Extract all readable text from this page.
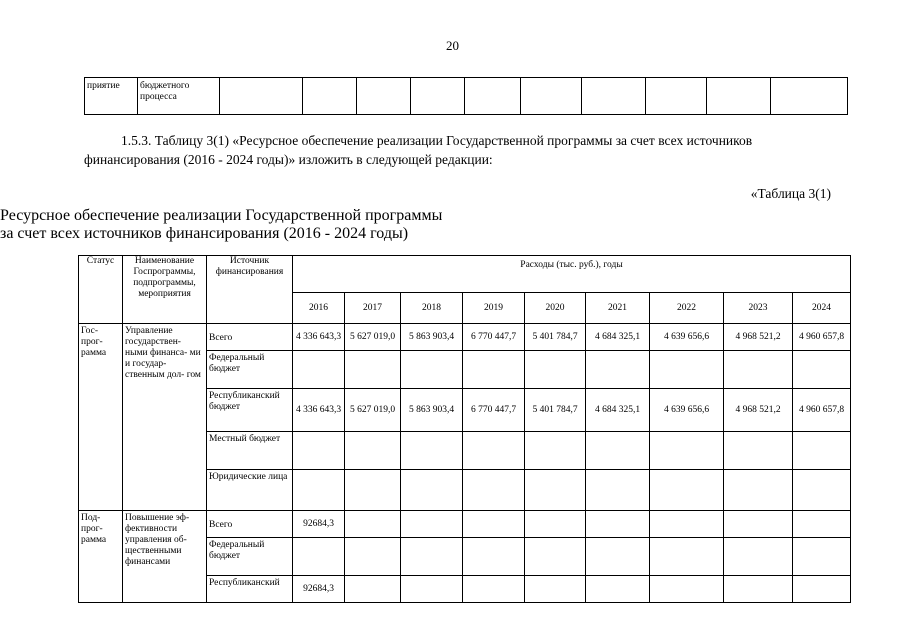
20
приятие	бюджетного процесса										
1.5.3. Таблицу 3(1) «Ресурсное обеспечение реализации Государственной программы за счет всех источников
финансирования (2016 - 2024 годы)» изложить в следующей редакции:
«Таблица 3(1)
Ресурсное обеспечение реализации Государственной программы
за счет всех источников финансирования (2016 - 2024 годы)
Статус	Наименование Госпрограммы, подпрограммы, мероприятия	Источник финансирования	Расходы (тыс. руб.), годы								
			2016	2017	2018	2019	2020	2021	2022	2023	2024
Гос- прог- рамма	Управление государствен- ными финанса- ми и государ- ственным дол- гом	Всего	4 336 643,3	5 627 019,0	5 863 903,4	6 770 447,7	5 401 784,7	4 684 325,1	4 639 656,6	4 968 521,2	4 960 657,8
		Федеральный бюджет									
		Республиканский бюджет	4 336 643,3	5 627 019,0	5 863 903,4	6 770 447,7	5 401 784,7	4 684 325,1	4 639 656,6	4 968 521,2	4 960 657,8
		Местный бюджет									
		Юридические лица									
Под- прог- рамма	Повышение эф- фективности управления об- щественными финансами	Всего	92684,3								
		Федеральный бюджет									
		Республиканский	92684,3								
